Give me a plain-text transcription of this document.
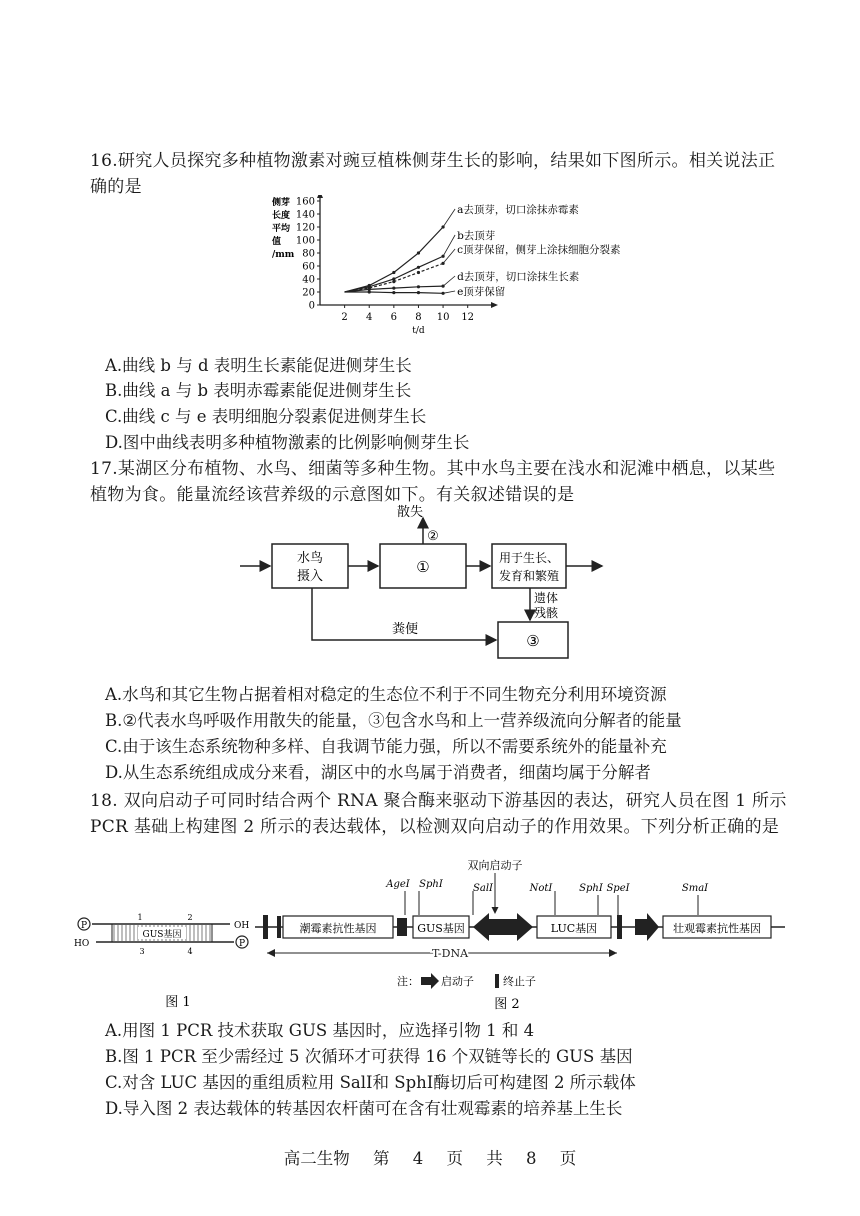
16.研究人员探究多种植物激素对豌豆植株侧芽生长的影响，结果如下图所示。相关说法正
确的是
0
20
40
60
80
100
120
140
160
2 4 6 8 10 12
t/d
侧芽
长度
平均
值
/mm
a去顶芽，切口涂抹赤霉素
b去顶芽
c顶芽保留，侧芽上涂抹细胞分裂素
d去顶芽，切口涂抹生长素
e顶芽保留
A.曲线 b 与 d 表明生长素能促进侧芽生长
B.曲线 a 与 b 表明赤霉素能促进侧芽生长
C.曲线 c 与 e 表明细胞分裂素促进侧芽生长
D.图中曲线表明多种植物激素的比例影响侧芽生长
17.某湖区分布植物、水鸟、细菌等多种生物。其中水鸟主要在浅水和泥滩中栖息，以某些
植物为食。能量流经该营养级的示意图如下。有关叙述错误的是
水鸟
摄入
①	用于生长、
发育和繁殖
③
散失
②
遗体
残骸
粪便
A.水鸟和其它生物占据着相对稳定的生态位不利于不同生物充分利用环境资源
B.②代表水鸟呼吸作用散失的能量，③包含水鸟和上一营养级流向分解者的能量
C.由于该生态系统物种多样、自我调节能力强，所以不需要系统外的能量补充
D.从生态系统组成成分来看，湖区中的水鸟属于消费者，细菌均属于分解者
18. 双向启动子可同时结合两个 RNA 聚合酶来驱动下游基因的表达，研究人员在图 1 所示
PCR 基础上构建图 2 所示的表达载体，以检测双向启动子的作用效果。下列分析正确的是
P
P
OH
HO
GUS基因
1	2
3	4
图 1
潮霉素抗性基因
AgeⅠ SphⅠ	SalⅠ	NotⅠ	SphⅠ SpeⅠ	SmaⅠ
双向启动子
GUS基因	LUC基因	壮观霉素抗性基因
T-DNA
注： 启动子	终止子
图 2
A.用图 1 PCR 技术获取 GUS 基因时，应选择引物 1 和 4
B.图 1 PCR 至少需经过 5 次循环才可获得 16 个双链等长的 GUS 基因
C.对含 LUC 基因的重组质粒用 SalⅠ和 SphⅠ酶切后可构建图 2 所示载体
D.导入图 2 表达载体的转基因农杆菌可在含有壮观霉素的培养基上生长
高二生物 第 4 页 共 8 页
